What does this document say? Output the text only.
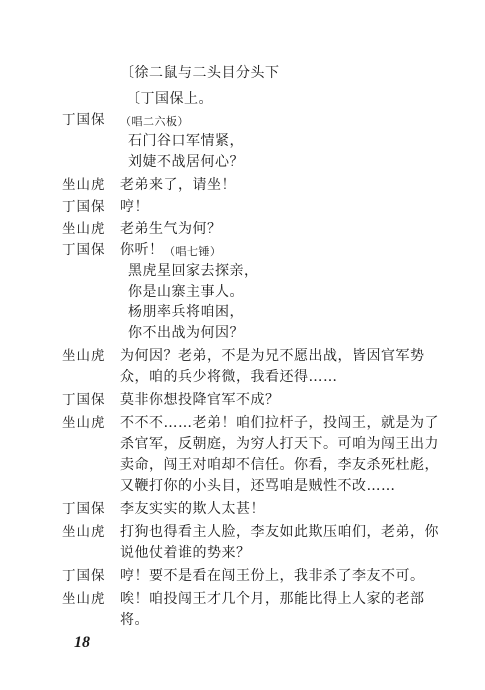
〔徐二鼠与二头目分头下
〔丁国保上。
丁国保 （唱二六板）
石门谷口军情紧，
刘婕不战居何心？
坐山虎 老弟来了，请坐！
丁国保 哼！
坐山虎 老弟生气为何？
丁国保 你听！ （唱七锤）
黑虎星回家去探亲，
你是山寨主事人。
杨朋率兵将咱困，
你不出战为何因？
坐山虎 为何因？老弟，不是为兄不愿出战，皆因官军势
众，咱的兵少将微，我看还得……
丁国保 莫非你想投降官军不成？
坐山虎 不不不……老弟！咱们拉杆子，投闯王，就是为了
杀官军，反朝庭，为穷人打天下。可咱为闯王出力
卖命，闯王对咱却不信任。你看，李友杀死杜彪，
又鞭打你的小头目，还骂咱是贼性不改……
丁国保 李友实实的欺人太甚！
坐山虎 打狗也得看主人脸，李友如此欺压咱们，老弟，你
说他仗着谁的势来？
丁国保 哼！要不是看在闯王份上，我非杀了李友不可。
坐山虎 唉！咱投闯王才几个月，那能比得上人家的老部
将。
18
